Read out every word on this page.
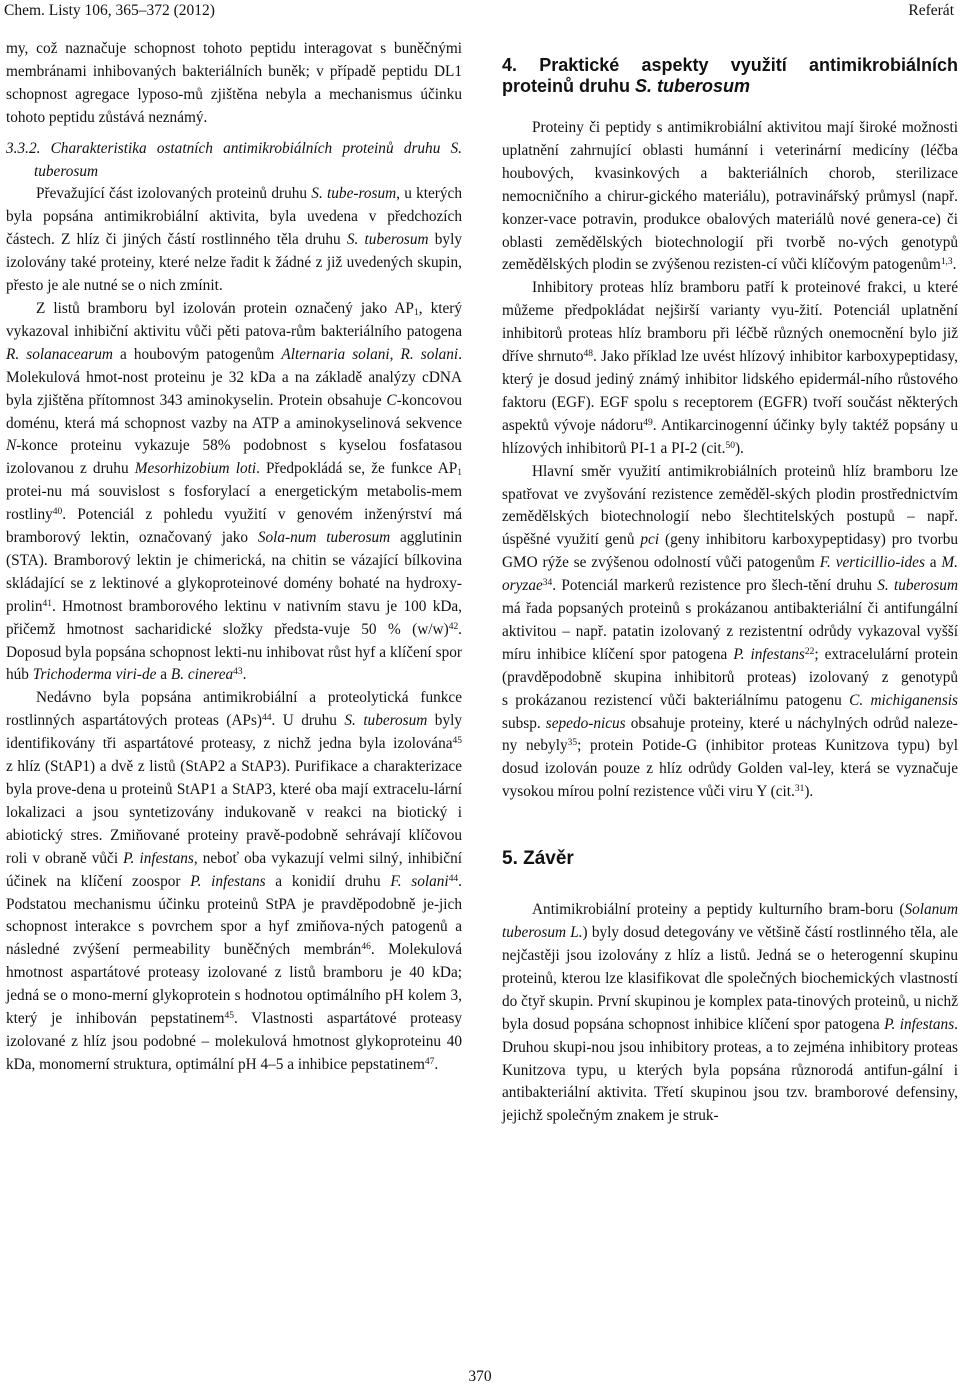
Chem. Listy 106, 365–372 (2012)	Referát

my, což naznačuje schopnost tohoto peptidu interagovat s buněčnými membránami inhibovaných bakteriálních buněk; v případě peptidu DL1 schopnost agregace lyposo-mů zjištěna nebyla a mechanismus účinku tohoto peptidu zůstává neznámý.

3.3.2. Charakteristika ostatních antimikrobiálních proteinů druhu S. tuberosum

Převažující část izolovaných proteinů druhu S. tube-rosum, u kterých byla popsána antimikrobiální aktivita, byla uvedena v předchozích částech. Z hlíz či jiných částí rostlinného těla druhu S. tuberosum byly izolovány také proteiny, které nelze řadit k žádné z již uvedených skupin, přesto je ale nutné se o nich zmínit.

Z listů bramboru byl izolován protein označený jako $AP_1$, který vykazoval inhibiční aktivitu vůči pěti patova-rům bakteriálního patogena R. solanacearum a houbovým patogenům Alternaria solani, R. solani. Molekulová hmot-nost proteinu je 32 kDa a na základě analýzy cDNA byla zjištěna přítomnost 343 aminokyselin. Protein obsahuje C-koncovou doménu, která má schopnost vazby na ATP a aminokyselinová sekvence N-konce proteinu vykazuje 58% podobnost s kyselou fosfatasou izolovanou z druhu Mesorhizobium loti. Předpokládá se, že funkce $AP_1$ protei-nu má souvislost s fosforylací a energetickým metabolis-mem rostliny$^{40}$. Potenciál z pohledu využití v genovém inženýrství má bramborový lektin, označovaný jako Sola-num tuberosum agglutinin (STA). Bramborový lektin je chimerická, na chitin se vázající bílkovina skládající se z lektinové a glykoproteinové domény bohaté na hydroxy-prolin$^{41}$. Hmotnost bramborového lektinu v nativním stavu je 100 kDa, přičemž hmotnost sacharidické složky předsta-vuje 50 % $(w/w)^{42}$. Doposud byla popsána schopnost lekti-nu inhibovat růst hyf a klíčení spor húb Trichoderma viri-de a B. cinerea$^{43}$.

Nedávno byla popsána antimikrobiální a proteolytická funkce rostlinných aspartátových proteas (APs)$^{44}$. U druhu S. tuberosum byly identifikovány tři aspartátové proteasy, z nichž jedna byla izolována$^{45}$ z hlíz (StAP1) a dvě z listů (StAP2 a StAP3). Purifikace a charakterizace byla prove-dena u proteinů StAP1 a StAP3, které oba mají extracelu-lární lokalizaci a jsou syntetizovány indukovaně v reakci na biotický i abiotický stres. Zmiňované proteiny pravě-podobně sehrávají klíčovou roli v obraně vůči P. infestans, neboť oba vykazují velmi silný, inhibiční účinek na klíčení zoospor P. infestans a konidií druhu F. solani$^{44}$. Podstatou mechanismu účinku proteinů StPA je pravděpodobně je-jich schopnost interakce s povrchem spor a hyf zmiňova-ných patogenů a následné zvýšení permeability buněčných membrán$^{46}$. Molekulová hmotnost aspartátové proteasy izolované z listů bramboru je 40 kDa; jedná se o mono-merní glykoprotein s hodnotou optimálního pH kolem 3, který je inhibován pepstatinem$^{45}$. Vlastnosti aspartátové proteasy izolované z hlíz jsou podobné – molekulová hmotnost glykoproteinu 40 kDa, monomerní struktura, optimální pH 4–5 a inhibice pepstatinem$^{47}$.

4. Praktické aspekty využití antimikrobiálních proteinů druhu S. tuberosum

Proteiny či peptidy s antimikrobiální aktivitou mají široké možnosti uplatnění zahrnující oblasti humánní i veterinární medicíny (léčba houbových, kvasinkových a bakteriálních chorob, sterilizace nemocničního a chirur-gického materiálu), potravinářský průmysl (např. konzer-vace potravin, produkce obalových materiálů nové genera-ce) či oblasti zemědělských biotechnologií při tvorbě no-vých genotypů zemědělských plodin se zvýšenou rezisten-cí vůči klíčovým patogenům$^{1,3}$.

Inhibitory proteas hlíz bramboru patří k proteinové frakci, u které můžeme předpokládat nejširší varianty vyu-žití. Potenciál uplatnění inhibitorů proteas hlíz bramboru při léčbě různých onemocnění bylo již dříve shrnuto$^{48}$. Jako příklad lze uvést hlízový inhibitor karboxypeptidasy, který je dosud jediný známý inhibitor lidského epidermál-ního růstového faktoru (EGF). EGF spolu s receptorem (EGFR) tvoří součást některých aspektů vývoje nádoru$^{49}$. Antikarcinogenní účinky byly taktéž popsány u hlízových inhibitorů PI-1 a PI-2 (cit.$^{50}$).

Hlavní směr využití antimikrobiálních proteinů hlíz bramboru lze spatřovat ve zvyšování rezistence zeměděl-ských plodin prostřednictvím zemědělských biotechnologií nebo šlechtitelských postupů – např. úspěšné využití genů pci (geny inhibitoru karboxypeptidasy) pro tvorbu GMO rýže se zvýšenou odolností vůči patogenům F. verticillio-ides a M. oryzae$^{34}$. Potenciál markerů rezistence pro šlech-tění druhu S. tuberosum má řada popsaných proteinů s prokázanou antibakteriální či antifungální aktivitou – např. patatin izolovaný z rezistentní odrůdy vykazoval vyšší míru inhibice klíčení spor patogena P. infestans$^{22}$; extracelulární protein (pravděpodobně skupina inhibitorů proteas) izolovaný z genotypů s prokázanou rezistencí vůči bakteriálnímu patogenu C. michiganensis subsp. sepedo-nicus obsahuje proteiny, které u náchylných odrůd naleze-ny nebyly$^{35}$; protein Potide-G (inhibitor proteas Kunitzova typu) byl dosud izolován pouze z hlíz odrůdy Golden val-ley, která se vyznačuje vysokou mírou polní rezistence vůči viru Y (cit.$^{31}$).

5. Závěr

Antimikrobiální proteiny a peptidy kulturního bram-boru (Solanum tuberosum L.) byly dosud detegovány ve většině částí rostlinného těla, ale nejčastěji jsou izolovány z hlíz a listů. Jedná se o heterogenní skupinu proteinů, kterou lze klasifikovat dle společných biochemických vlastností do čtyř skupin. První skupinou je komplex pata-tinových proteinů, u nichž byla dosud popsána schopnost inhibice klíčení spor patogena P. infestans. Druhou skupi-nou jsou inhibitory proteas, a to zejména inhibitory proteas Kunitzova typu, u kterých byla popsána různorodá antifun-gální i antibakteriální aktivita. Třetí skupinou jsou tzv. bramborové defensiny, jejichž společným znakem je struk-

370
